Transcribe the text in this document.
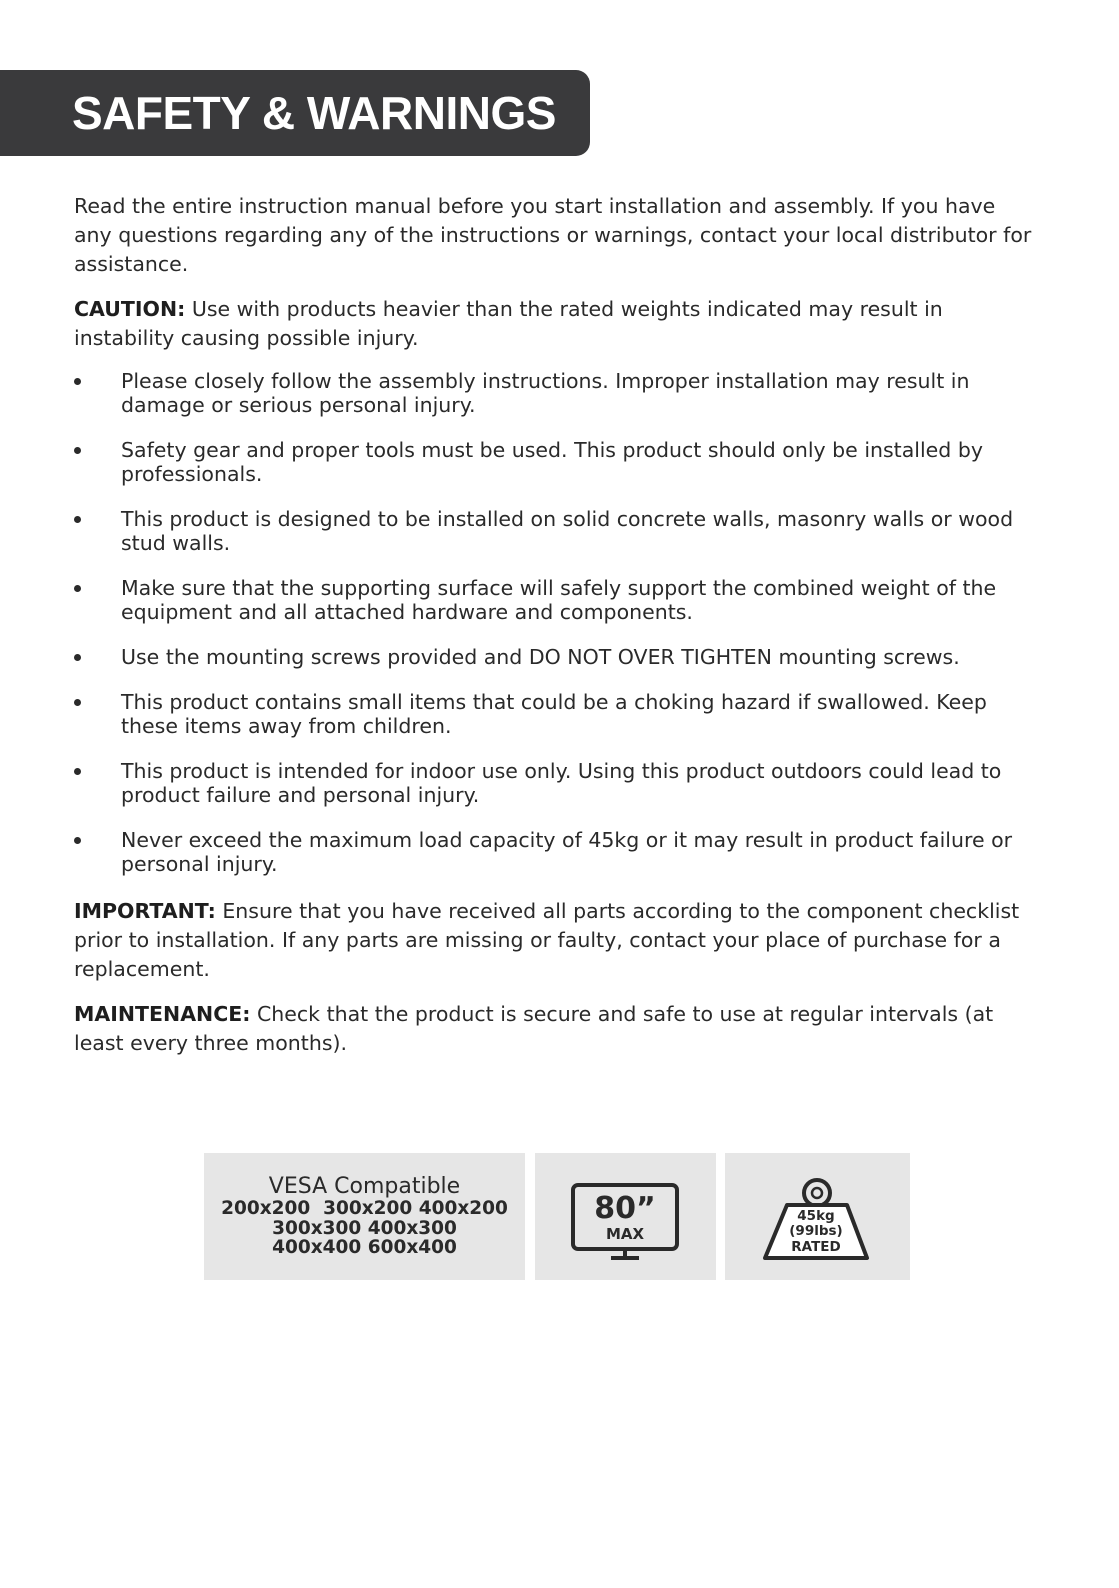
SAFETY & WARNINGS

Read the entire instruction manual before you start installation and assembly. If you have any questions regarding any of the instructions or warnings, contact your local distributor for assistance.

CAUTION: Use with products heavier than the rated weights indicated may result in instability causing possible injury.

Please closely follow the assembly instructions. Improper installation may result in damage or serious personal injury.
Safety gear and proper tools must be used. This product should only be installed by professionals.
This product is designed to be installed on solid concrete walls, masonry walls or wood stud walls.
Make sure that the supporting surface will safely support the combined weight of the equipment and all attached hardware and components.
Use the mounting screws provided and DO NOT OVER TIGHTEN mounting screws.
This product contains small items that could be a choking hazard if swallowed. Keep these items away from children.
This product is intended for indoor use only. Using this product outdoors could lead to product failure and personal injury.
Never exceed the maximum load capacity of 45kg or it may result in product failure or personal injury.

IMPORTANT: Ensure that you have received all parts according to the component checklist prior to installation. If any parts are missing or faulty, contact your place of purchase for a replacement.

MAINTENANCE: Check that the product is secure and safe to use at regular intervals (at least every three months).

VESA Compatible
200x200  300x200 400x200
300x300 400x300
400x400 600x400
80”
MAX
45kg
(99lbs)
RATED
